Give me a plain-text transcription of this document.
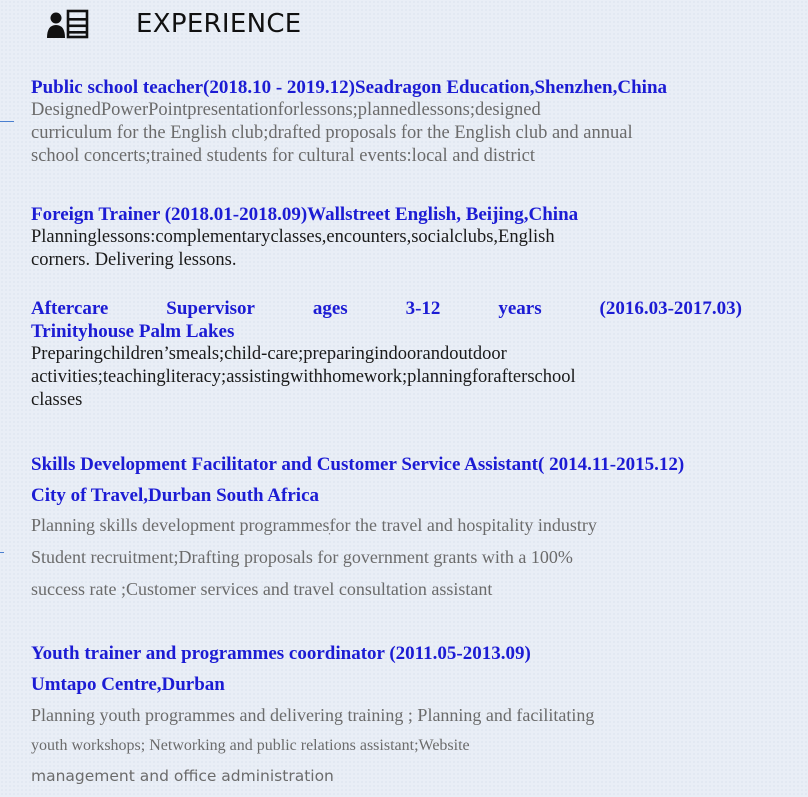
EXPERIENCE
Public school teacher(2018.10 - 2019.12)Seadragon Education,Shenzhen,China
DesignedPowerPointpresentationforlessons;plannedlessons;designed
curriculum for the English club;drafted proposals for the English club and annual
school concerts;trained students for cultural events:local and district
Foreign Trainer (2018.01-2018.09)Wallstreet English, Beijing,China
Planninglessons:complementaryclasses,encounters,socialclubs,English
corners. Delivering lessons.
Aftercare	Supervisor	ages	3-12	years	(2016.03-2017.03)
Trinityhouse Palm Lakes
Preparingchildren’smeals;child-care;preparingindoorandoutdoor
activities;teachingliteracy;assistingwithhomework;planningforafterschool
classes
Skills Development Facilitator and Customer Service Assistant( 2014.11-2015.12)
City of Travel,Durban South Africa
Planning skills development programmesׅfor the travel and hospitality industry
Student recruitment;Drafting proposals for government grants with a 100%
success rate ;Customer services and travel consultation assistant
Youth trainer and programmes coordinator (2011.05-2013.09)
Umtapo Centre,Durban
Planning youth programmes and delivering training ; Planning and facilitating
youth workshops; Networking and public relations assistant;Website
management and office administration
